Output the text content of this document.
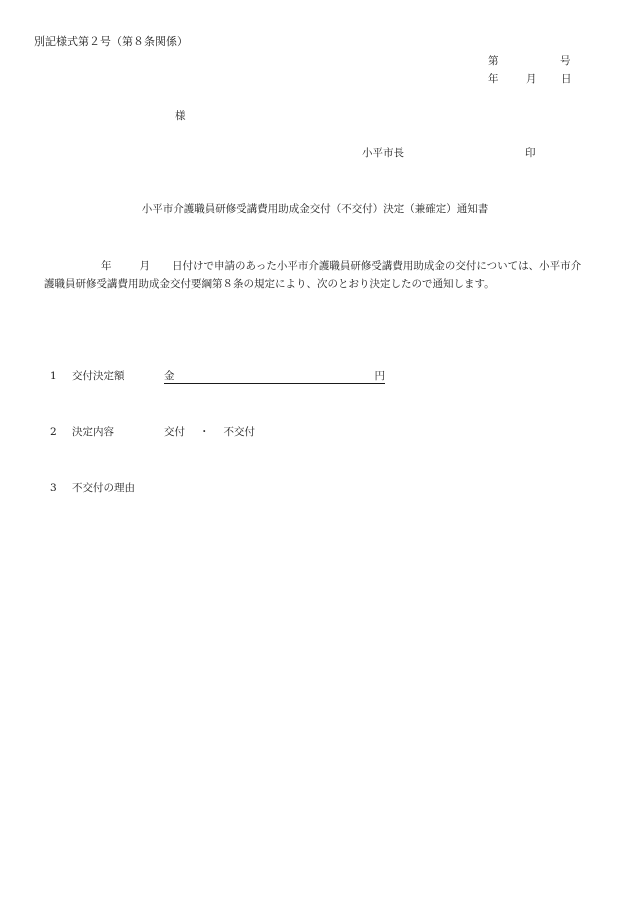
別記様式第２号（第８条関係）
第	号
年	月 日
様
小平市長	印
小平市介護職員研修受講費用助成金交付（不交付）決定（兼確定）通知書
年	月 日付けで申請のあった小平市介護職員研修受講費用助成金の交付については、小平市介護職員研修受講費用助成金交付要綱第８条の規定により、次のとおり決定したので通知します。
1 交付決定額	金	円
2 決定内容	交付 ・ 不交付
3 不交付の理由
